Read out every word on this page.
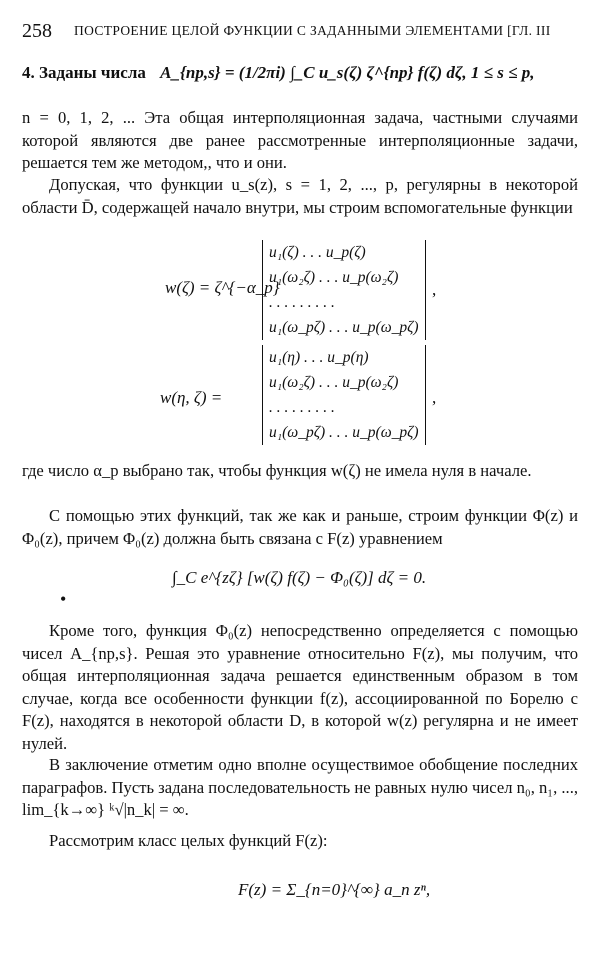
258 ПОСТРОЕНИЕ ЦЕЛОЙ ФУНКЦИИ С ЗАДАННЫМИ ЭЛЕМЕНТАМИ [ГЛ. III
4. Заданы числа A_{np,s} = (1/2πi) ∫_C u_s(ζ) ζ^{np} f(ζ) dζ, 1 ≤ s ≤ p,

n = 0, 1, 2, ... Эта общая интерполяционная задача, частными случаями которой являются две ранее рассмотренные интерполяционные задачи, решается тем же методом,, что и они.

Допуская, что функции u_s(z), s = 1, 2, ..., p, регулярны в некоторой области D̄, содержащей начало внутри, мы строим вспомогательные функции

w(ζ) = ζ^{−α_p}
u₁(ζ) . . . u_p(ζ)
u₁(ω₂ζ) . . . u_p(ω₂ζ)
. . . . . . . . .
u₁(ω_pζ) . . . u_p(ω_pζ)
,
w(η, ζ) =
u₁(η) . . . u_p(η)
u₁(ω₂ζ) . . . u_p(ω₂ζ)
. . . . . . . . .
u₁(ω_pζ) . . . u_p(ω_pζ)
,

где число α_p выбрано так, чтобы функция w(ζ) не имела нуля в начале.

С помощью этих функций, так же как и раньше, строим функции Φ(z) и Φ₀(z), причем Φ₀(z) должна быть связана с F(z) уравнением

•
∫_C e^{zζ} [w(ζ) f(ζ) − Φ₀(ζ)] dζ = 0.

Кроме того, функция Φ₀(z) непосредственно определяется с помощью чисел A_{np,s}. Решая это уравнение относительно F(z), мы получим, что общая интерполяционная задача решается единственным образом в том случае, когда все особенности функции f(z), ассоциированной по Борелю с F(z), находятся в некоторой области D, в которой w(z) регулярна и не имеет нулей.

В заключение отметим одно вполне осуществимое обобщение последних параграфов. Пусть задана последовательность не равных нулю чисел n₀, n₁, ..., lim_{k→∞} ᵏ√|n_k| = ∞.

Рассмотрим класс целых функций F(z):

F(z) = Σ_{n=0}^{∞} a_n zⁿ,
